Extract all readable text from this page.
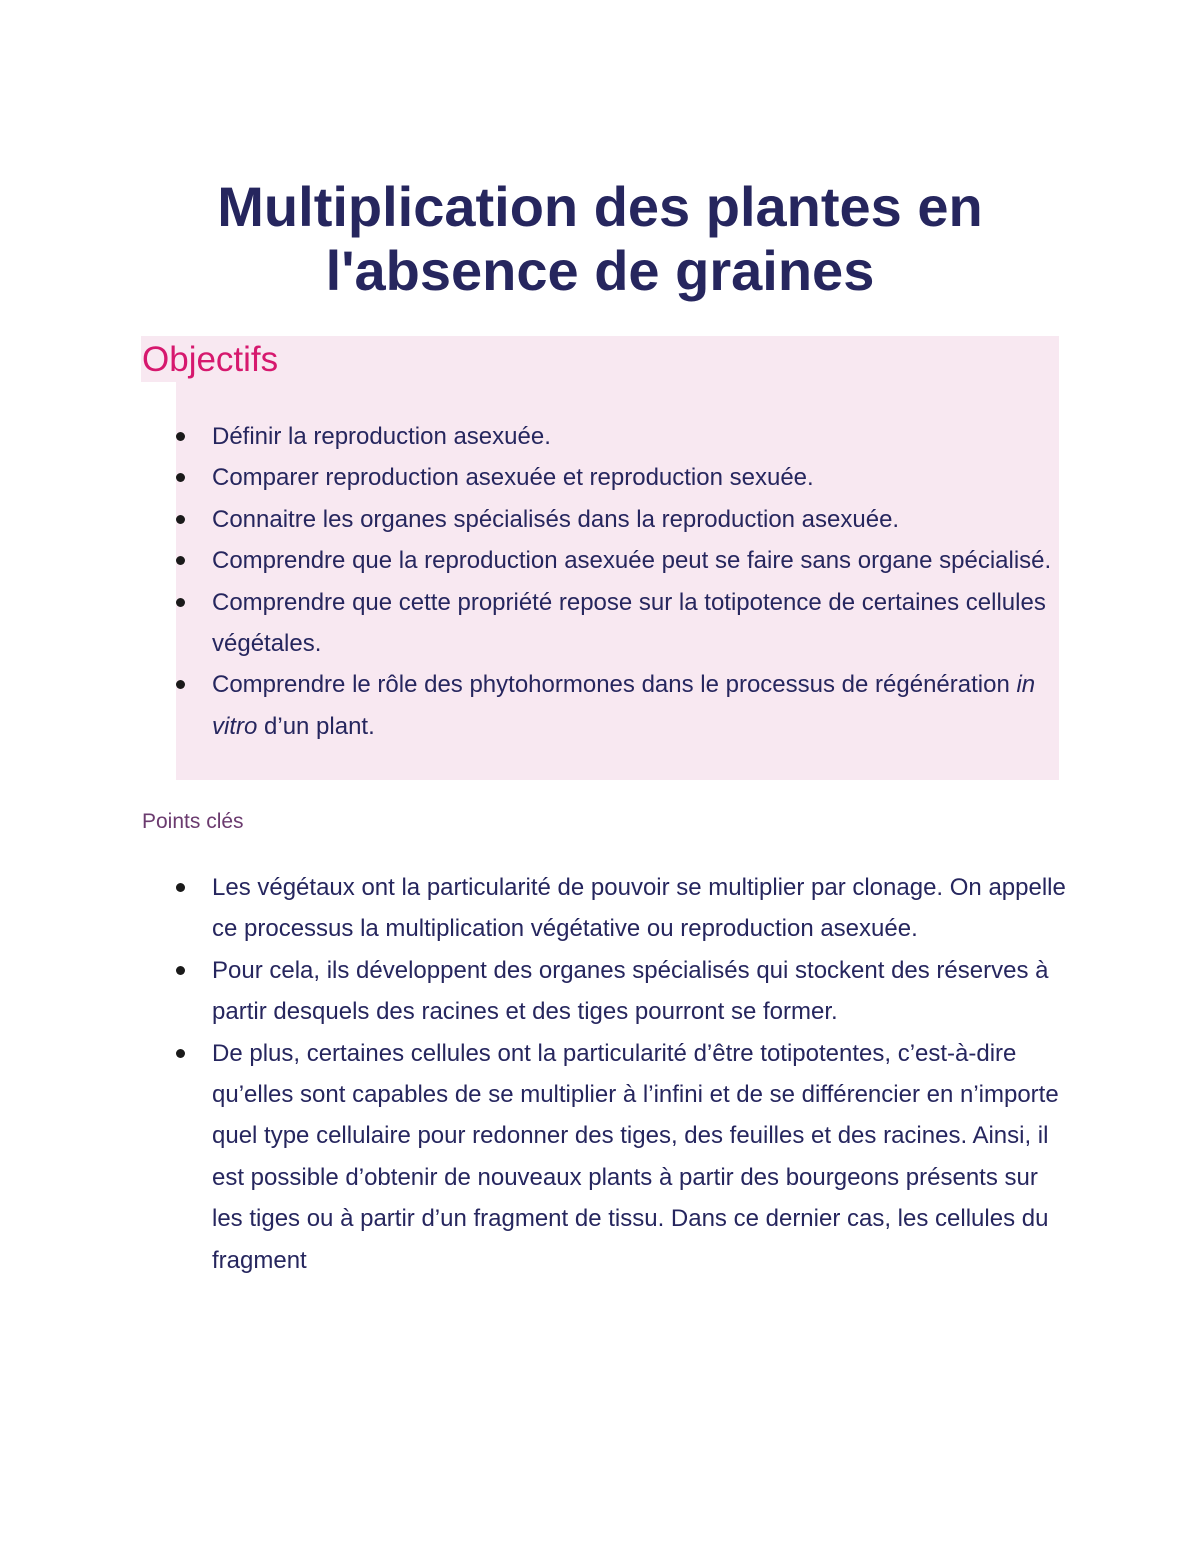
Multiplication des plantes en l'absence de graines
Objectifs
Définir la reproduction asexuée.
Comparer reproduction asexuée et reproduction sexuée.
Connaitre les organes spécialisés dans la reproduction asexuée.
Comprendre que la reproduction asexuée peut se faire sans organe spécialisé.
Comprendre que cette propriété repose sur la totipotence de certaines cellules végétales.
Comprendre le rôle des phytohormones dans le processus de régénération in vitro d’un plant.
Points clés
Les végétaux ont la particularité de pouvoir se multiplier par clonage. On appelle ce processus la multiplication végétative ou reproduction asexuée.
Pour cela, ils développent des organes spécialisés qui stockent des réserves à partir desquels des racines et des tiges pourront se former.
De plus, certaines cellules ont la particularité d’être totipotentes, c’est-à-dire qu’elles sont capables de se multiplier à l’infini et de se différencier en n’importe quel type cellulaire pour redonner des tiges, des feuilles et des racines. Ainsi, il est possible d’obtenir de nouveaux plants à partir des bourgeons présents sur les tiges ou à partir d’un fragment de tissu. Dans ce dernier cas, les cellules du fragment
